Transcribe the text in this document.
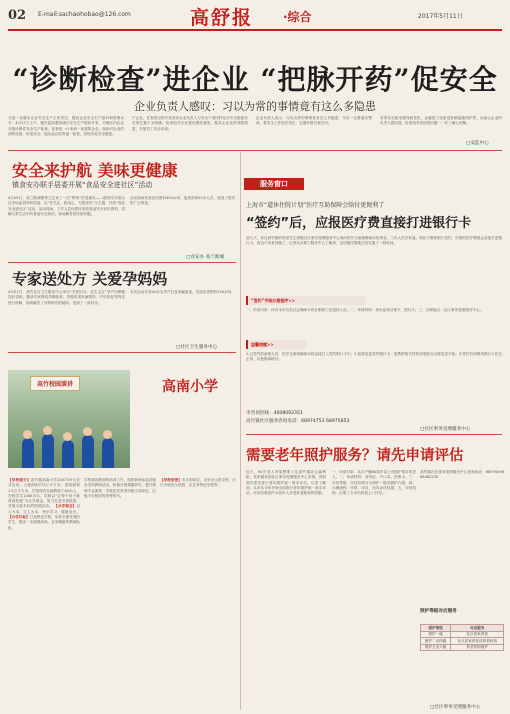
02 E-mail:sachaohobao@126.com	高舒报 ·综合	2017年5月11日
“诊断检查”进企业 “把脉开药”促安全
企业负责人感叹：习以为常的事情竟有这么多隐患
为进一步落实企业安全生产主体责任，提高企业安全生产意识和管理水平，4月27日上午，镇安监局邀请浦江安全生产顾问专家，对镇区内企业开展诊断性安全生产检查。检查组一行来到一家建筑企业，现场对企业的消防设施、用电安全、危险品存放等逐一检查，发现多处安全隐患。
产企业，在查看过程中发现该企业负责人与安全干部同样也对安全隐患存在的位置不太明确。检查组对企业提出整改意见，要求企业及时消除隐患，开展员工安全培训。
企业负责人表示：习以为常的事情竟有这么多隐患，今后一定要落实整改，将安全工作放在首位，定期开展自查自纠。
有的存在配电箱线路老化、金属加工设备没有做接地保护等，从而让企业的负责人感叹道，检查组对发现的问题一一作了耐心讲解。
□安监中心
安全来护航 美味更健康
镇食安办联手居委开展“食品安全进社区”活动
4月25日，高兰路城镇等文艺来了一位“特别”的老朋友——镇食安办联合区市场监管所和居委，以“你关注，我用心，为您宣传”为主题，开展“食品安全进社区”活动。活动现场，工作人员向居民发放食品安全宣传资料，讲解日常生活中的食品安全知识，现场解答居民的问题。
活动现场发放宣传资料300余份，接受咨询50余人次，受到了居民的广泛欢迎。
□食安办 高兰新城
专家送处方 关爱孕妈妈
4月21日，高竹社区卫生服务中心举办“关爱妇女，优生宝宝”孕产妇保健知识讲座，邀请专家围绕孕期营养、孕期常见疾病预防、产后恢复等内容进行讲解，现场解答了孕妈妈们的疑问，受到了一致好评。
本次活动共有40余名孕产妇及家属参加，发放宣传资料100余份。
□社区卫生服务中心
高竹校园演讲	高南小学
【学校简介】高竹镇高南小学2007年9月正式启用，占地面积约3万平方米，建筑面积1.5万平方米，学校现有在编教职工60余人，在校学生1000余名。学校以“让每个孩子都得到发展”为办学理念，努力打造书香校园，开展丰富多彩的校园活动。 【办学理念】以人为本，立人为本，快乐学习，健康成长。 【办学目标】打造特色学校，培养全面发展的学生，建设一支师德高尚、业务精湛的教师队伍。
学校重视教师的培训工作，组织教师参加各级各类的教研活动，积极开展课题研究，提升教师专业素养，学校先后获得市级文明单位、区级平安校园等荣誉称号。
【学校荣誉】市文明单位、市安全示范学校、区行为规范示范校、区艺术特色学校等。
服务窗口
上海市“道休住院计划”医疗互助保障会给付更便利了
“签约”后，应报医疗费直接打进银行卡
前几天，家住高竹镇的徐老先生到镇社区事务受理服务中心询问医疗互助保障给付的事宜。工作人员告诉他，现在只要和银行签约，应报的医疗费就会直接打进银行卡，再也不用来回跑了。记者从区职工服务中心了解到，这项便民措施已经实施了一段时间。
“签约”手续办理程序>>
一、申请对象：持有本市各类社会保障卡的在职职工及退休人员。二、申请材料：身份证或社保卡、银行卡。三、办理地点：社区事务受理服务中心。
温馨提醒>>
1.已签约的参保人员，医疗互助保障给付将直接打入签约银行卡中。2.如需变更签约银行卡，需携带相关材料到受理点办理变更手续。3.签约后请保持银行卡状态正常，以免影响给付。
市咨询热线：4008092351
高竹镇社区服务咨询电话：68974753 68975853
□社区事务受理服务中心
需要老年照护服务？请先申请评估
近日，90岁老人李某想要入住高竹镇社会福利院，其家属来到社区事务受理服务中心咨询，得知现在需先进行老年照护统一需求评估。记者了解到，本市从今年开始全面推行老年照护统一需求评估，评估结果将作为老年人享受养老服务的依据。
一、申请对象：本区户籍60周岁以上有照护需求的老人。二、申请材料：身份证、户口本、医保卡。三、评估等级：评估结果分为照护一级至照护六级。四、办理流程：申请、评估、出具评估结果。五、评估机构：由第三方评估机构上门评估。
高竹镇社区事务受理服务中心咨询电话：68976496 68462235
照护等级对应服务
照护等级	对应服务
照护一级	社区居家养老
照护二至四级	社区居家养老或养老机构
照护五至六级	养老机构照护
□社区事务受理服务中心
